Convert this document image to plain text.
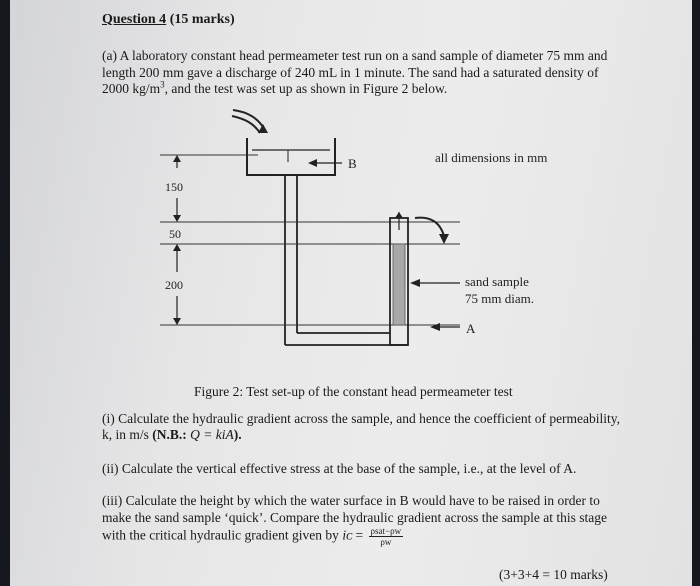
Question 4 (15 marks)
(a) A laboratory constant head permeameter test run on a sand sample of diameter 75 mm and
length 200 mm gave a discharge of 240 mL in 1 minute. The sand had a saturated density of
2000 $kg/m^3$, and the test was set up as shown in Figure 2 below.
B	all dimensions in mm
150
50
200	sand sample
75 mm diam.
A
Figure 2: Test set-up of the constant head permeameter test
(i) Calculate the hydraulic gradient across the sample, and hence the coefficient of permeability,
k, in m/s (N.B.: Q = kiA).
(ii) Calculate the vertical effective stress at the base of the sample, i.e., at the level of A.
(iii) Calculate the height by which the water surface in B would have to be raised in order to
make the sand sample ‘quick’. Compare the hydraulic gradient across the sample at this stage
with the critical hydraulic gradient given by iᴄ = $\frac{\text{ρsat−ρw}}{\rho w}$
(3+3+4 = 10 marks)
